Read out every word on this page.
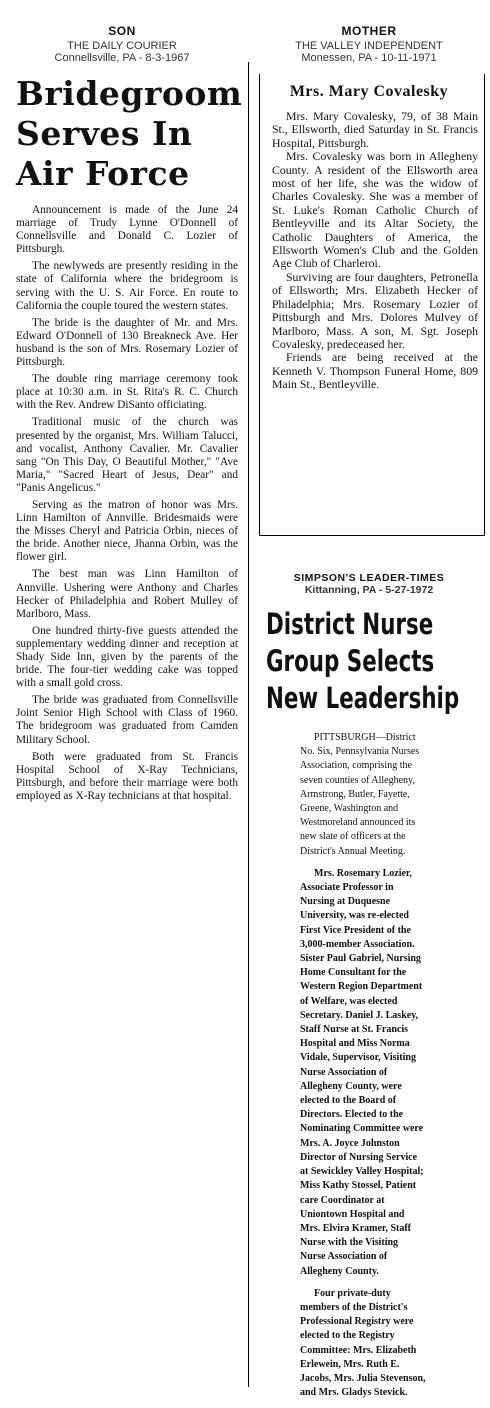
SON
THE DAILY COURIER
Connellsville, PA - 8-3-1967
Bridegroom
Serves In
Air Force

Announcement is made of the June 24 marriage of Trudy Lynne O'Donnell of Connellsville and Donald C. Lozier of Pittsburgh.

The newlyweds are presently residing in the state of California where the bridegroom is serving with the U. S. Air Force. En route to California the couple toured the western states.

The bride is the daughter of Mr. and Mrs. Edward O'Donnell of 130 Breakneck Ave. Her husband is the son of Mrs. Rosemary Lozier of Pittsburgh.

The double ring marriage ceremony took place at 10:30 a.m. in St. Rita's R. C. Church with the Rev. Andrew DiSanto officiating.

Traditional music of the church was presented by the organist, Mrs. William Talucci, and vocalist, Anthony Cavalier. Mr. Cavalier sang "On This Day, O Beautiful Mother," "Ave Maria," "Sacred Heart of Jesus, Dear" and "Panis Angelicus."

Serving as the matron of honor was Mrs. Linn Hamilton of Annville. Bridesmaids were the Misses Cheryl and Patricia Orbin, nieces of the bride. Another niece, Jhanna Orbin, was the flower girl.

The best man was Linn Hamilton of Annville. Ushering were Anthony and Charles Hecker of Philadelphia and Robert Mulley of Marlboro, Mass.

One hundred thirty-five guests attended the supplementary wedding dinner and reception at Shady Side Inn, given by the parents of the bride. The four-tier wedding cake was topped with a small gold cross.

The bride was graduated from Connellsville Joint Senior High School with Class of 1960. The bridegroom was graduated from Camden Military School.

Both were graduated from St. Francis Hospital School of X-Ray Technicians, Pittsburgh, and before their marriage were both employed as X-Ray technicians at that hospital.

MOTHER
THE VALLEY INDEPENDENT
Monessen, PA - 10-11-1971
Mrs. Mary Covalesky

Mrs. Mary Covalesky, 79, of 38 Main St., Ellsworth, died Saturday in St. Francis Hospital, Pittsburgh.

Mrs. Covalesky was born in Allegheny County. A resident of the Ellsworth area most of her life, she was the widow of Charles Covalesky. She was a member of St. Luke's Roman Catholic Church of Bentleyville and its Altar Society, the Catholic Daughters of America, the Ellsworth Women's Club and the Golden Age Club of Charleroi.

Surviving are four daughters, Petronella of Ellsworth; Mrs. Elizabeth Hecker of Philadelphia; Mrs. Rosemary Lozier of Pittsburgh and Mrs. Dolores Mulvey of Marlboro, Mass. A son, M. Sgt. Joseph Covalesky, predeceased her.

Friends are being received at the Kenneth V. Thompson Funeral Home, 809 Main St., Bentleyville.

SIMPSON'S LEADER-TIMES
Kittanning, PA - 5-27-1972
District Nurse
Group Selects
New Leadership

PITTSBURGH—District No. Six, Pennsylvania Nurses Association, comprising the seven counties of Allegheny, Armstrong, Butler, Fayette, Greene, Washington and Westmoreland announced its new slate of officers at the District's Annual Meeting.

Mrs. Rosemary Lozier, Associate Professor in Nursing at Duquesne University, was re-elected First Vice President of the 3,000-member Association. Sister Paul Gabriel, Nursing Home Consultant for the Western Region Department of Welfare, was elected Secretary. Daniel J. Laskey, Staff Nurse at St. Francis Hospital and Miss Norma Vidale, Supervisor, Visiting Nurse Association of Allegheny County, were elected to the Board of Directors. Elected to the Nominating Committee were Mrs. A. Joyce Johnston Director of Nursing Service at Sewickley Valley Hospital; Miss Kathy Stossel, Patient care Coordinator at Uniontown Hospital and Mrs. Elvira Kramer, Staff Nurse with the Visiting Nurse Association of Allegheny County.

Four private-duty members of the District's Professional Registry were elected to the Registry Committee: Mrs. Elizabeth Erlewein, Mrs. Ruth E. Jacobs, Mrs. Julia Stevenson, and Mrs. Gladys Stevick.
